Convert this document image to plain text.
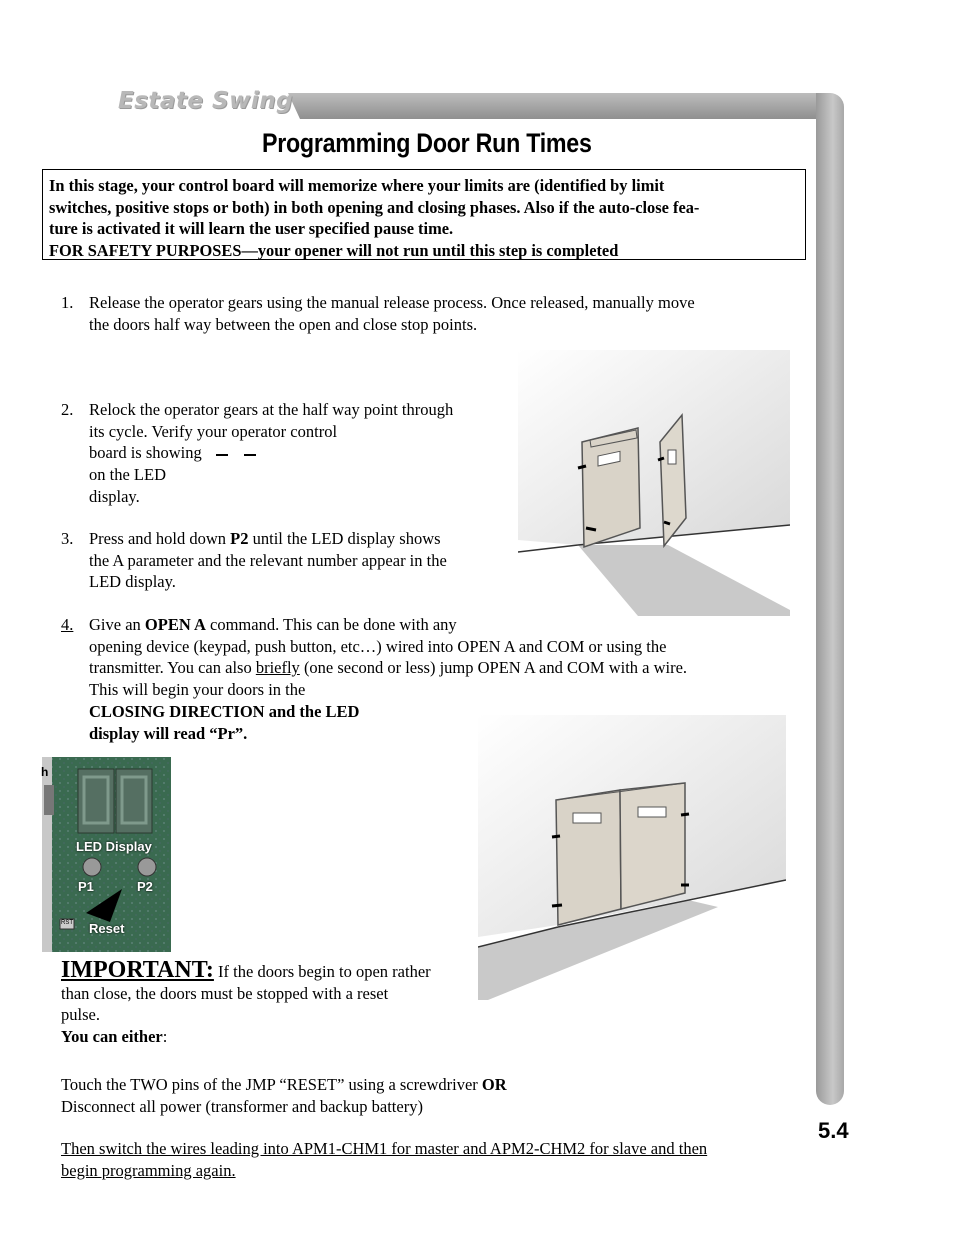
Estate Swing
Programming Door Run Times

In this stage, your control board will memorize where your limits are (identified by limit

switches, positive stops or both) in both opening and closing phases. Also if the auto-close fea-

ture is activated it will learn the user specified pause time.

FOR SAFETY PURPOSES—your opener will not run until this step is completed

1. Release the operator gears using the manual release process. Once released, manually move
the doors half way between the open and close stop points.
2. Relock the operator gears at the half way point through
its cycle. Verify your operator control
board is showing
on the LED
display.
3. Press and hold down P2 until the LED display shows
the A parameter and the relevant number appear in the
LED display.
4. Give an OPEN A command. This can be done with any
opening device (keypad, push button, etc…) wired into OPEN A and COM or using the
transmitter. You can also briefly (one second or less) jump OPEN A and COM with a wire.
This will begin your doors in the
CLOSING DIRECTION and the LED
display will read “Pr”.
h
LED Display
P1	P2
RST Reset
IMPORTANT: If the doors begin to open rather
than close, the doors must be stopped with a reset
pulse.
You can either:
Touch the TWO pins of the JMP “RESET” using a screwdriver OR
Disconnect all power (transformer and backup battery)
Then switch the wires leading into APM1-CHM1 for master and APM2-CHM2 for slave and then
begin programming again.
5.4
